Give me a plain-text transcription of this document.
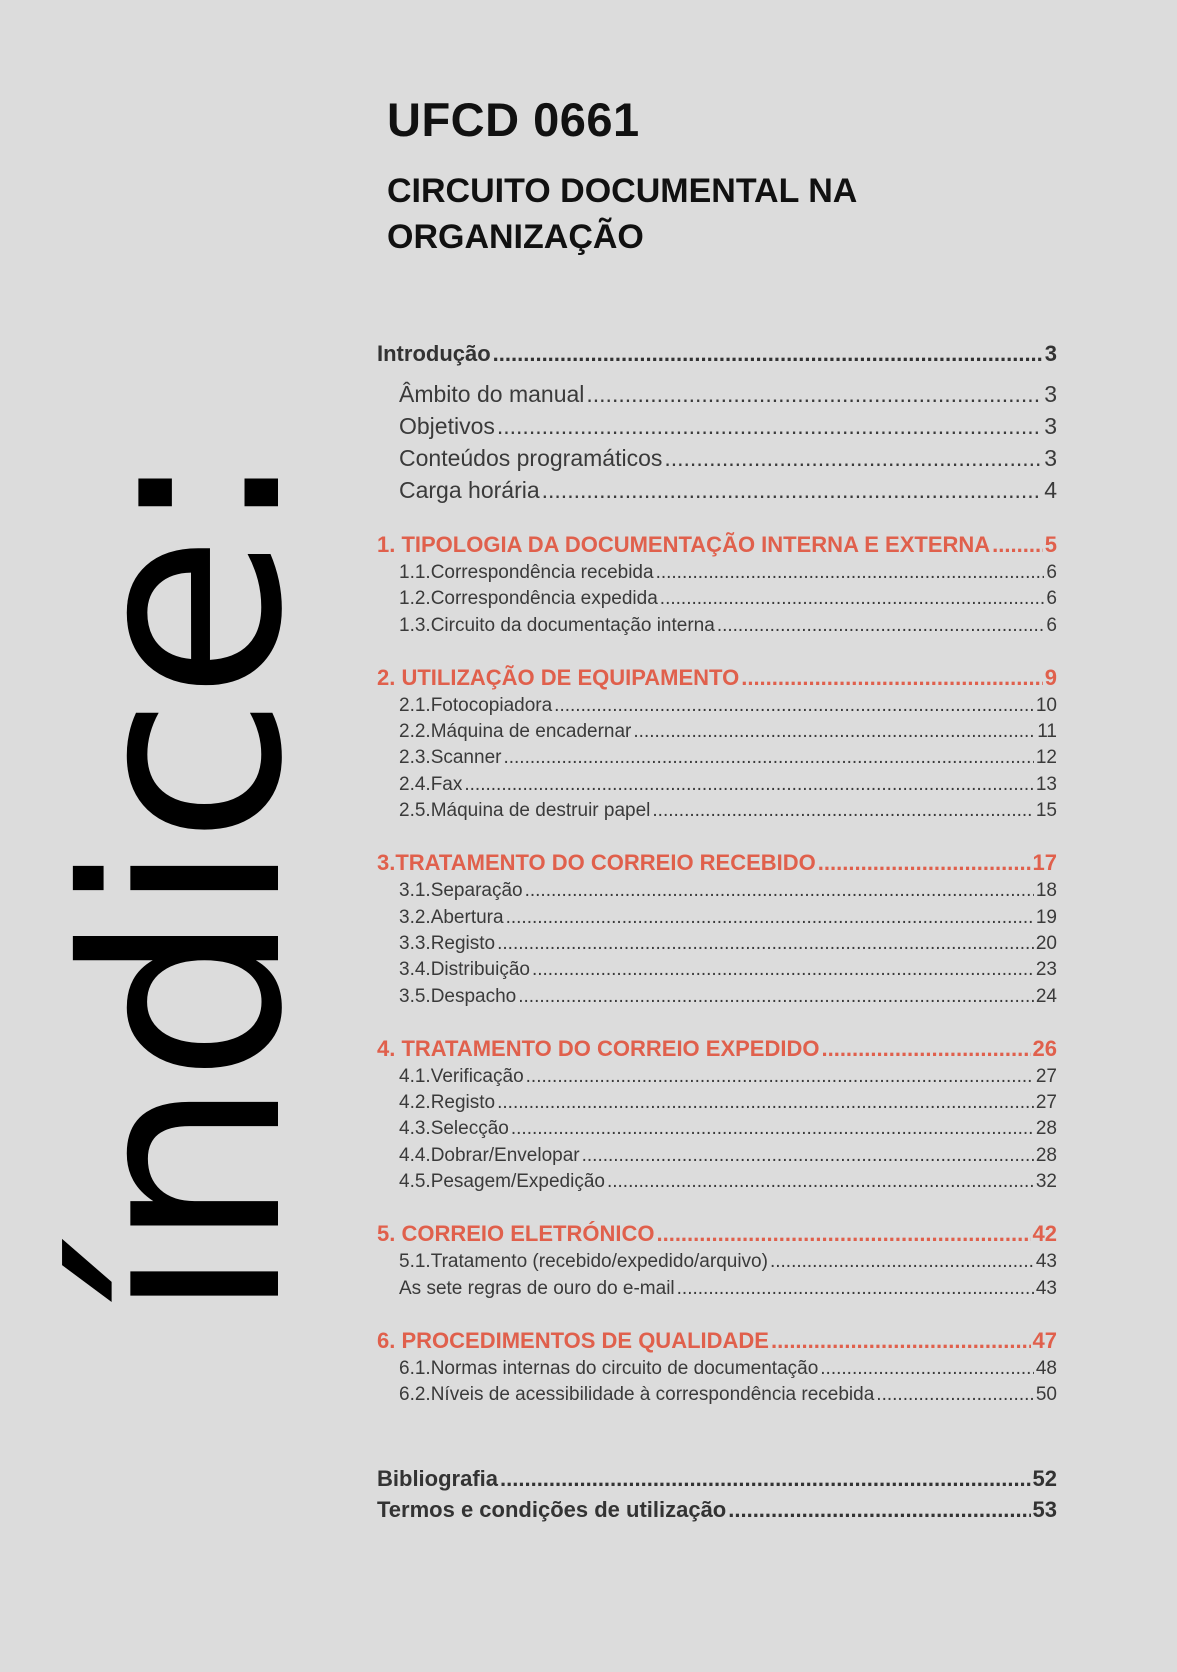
índice:
UFCD 0661
CIRCUITO DOCUMENTAL NA ORGANIZAÇÃO
Introdução .....	3
Âmbito do manual .....	3
Objetivos .....	3
Conteúdos programáticos .....	3
Carga horária .....	4
1. TIPOLOGIA DA DOCUMENTAÇÃO INTERNA E EXTERNA ..... 5
1.1.Correspondência recebida .....	6
1.2.Correspondência expedida .....	6
1.3.Circuito da documentação interna .....	6
2. UTILIZAÇÃO DE EQUIPAMENTO .....	9
2.1.Fotocopiadora .....	10
2.2.Máquina de encadernar .....	11
2.3.Scanner .....	12
2.4.Fax .....	13
2.5.Máquina de destruir papel .....	15
3.TRATAMENTO DO CORREIO RECEBIDO .....	17
3.1.Separação .....	18
3.2.Abertura .....	19
3.3.Registo .....	20
3.4.Distribuição .....	23
3.5.Despacho .....	24
4. TRATAMENTO DO CORREIO EXPEDIDO .....	26
4.1.Verificação .....	27
4.2.Registo .....	27
4.3.Selecção .....	28
4.4.Dobrar/Envelopar .....	28
4.5.Pesagem/Expedição .....	32
5. CORREIO ELETRÓNICO .....	42
5.1.Tratamento (recebido/expedido/arquivo) .....	43
As sete regras de ouro do e-mail .....	43
6. PROCEDIMENTOS DE QUALIDADE .....	47
6.1.Normas internas do circuito de documentação .....	48
6.2.Níveis de acessibilidade à correspondência recebida .....	50
Bibliografia .....	52
Termos e condições de utilização .....	53
